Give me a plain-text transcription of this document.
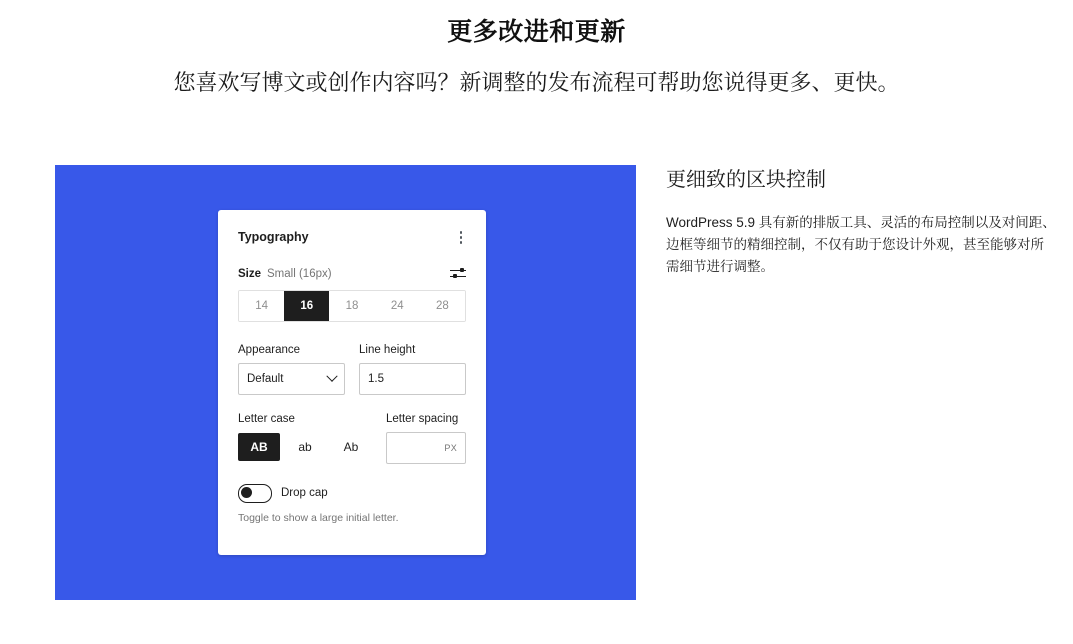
更多改进和更新
您喜欢写博文或创作内容吗？新调整的发布流程可帮助您说得更多、更快。
Typography
Size Small (16px)
14	16	18	24	28
Appearance
Default
Line height
1.5
Letter case
AB	ab	Ab
Letter spacing
PX
Drop cap
Toggle to show a large initial letter.
更细致的区块控制

WordPress 5.9 具有新的排版工具、灵活的布局控制以及对间距、边框等细节的精细控制，不仅有助于您设计外观，甚至能够对所需细节进行调整。
